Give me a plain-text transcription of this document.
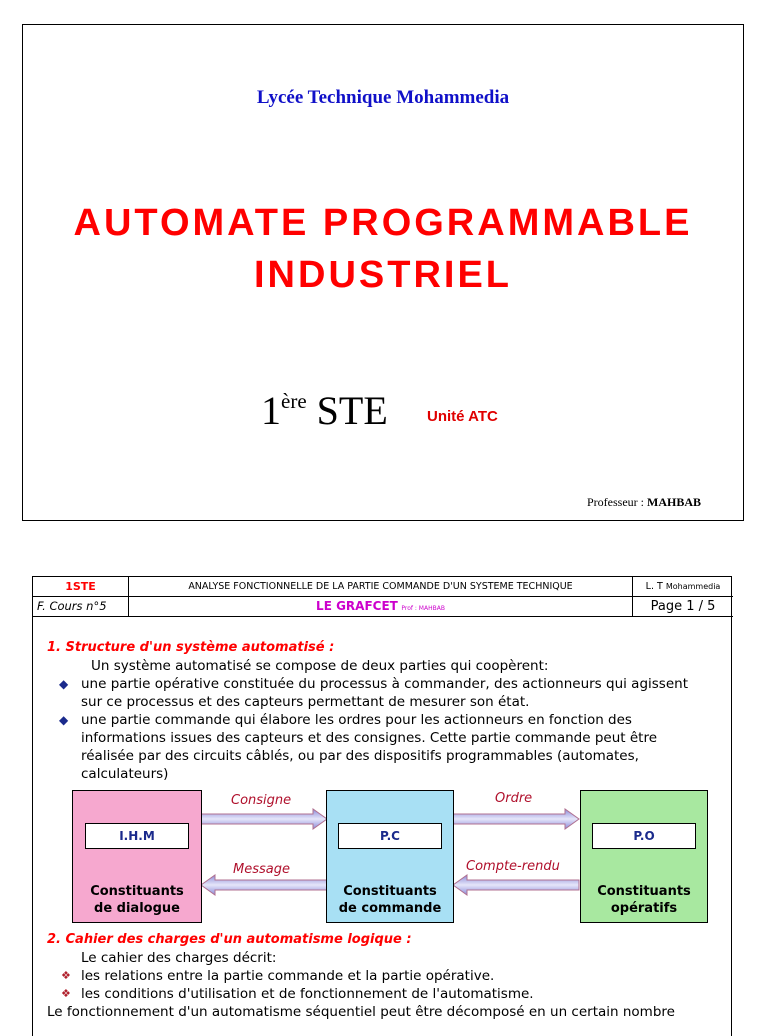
Lycée Technique Mohammedia
AUTOMATE PROGRAMMABLE
INDUSTRIEL
1ère STE	Unité ATC
Professeur : MAHBAB
1STE	ANALYSE FONCTIONNELLE DE LA PARTIE COMMANDE D'UN SYSTEME TECHNIQUE	L. T Mohammedia
F. Cours n°5	LE GRAFCET Prof : MAHBAB	Page 1 / 5
1. Structure d'un système automatisé :
Un système automatisé se compose de deux parties qui coopèrent:
◆ une partie opérative constituée du processus à commander, des actionneurs qui agissent
sur ce processus et des capteurs permettant de mesurer son état.
◆ une partie commande qui élabore les ordres pour les actionneurs en fonction des
informations issues des capteurs et des consignes. Cette partie commande peut être
réalisée par des circuits câblés, ou par des dispositifs programmables (automates,
calculateurs)
I.H.M
Constituants
de dialogue
P.C
Constituants
de commande
P.O
Constituants
opératifs
Consigne	Ordre
Message	Compte-rendu
2. Cahier des charges d'un automatisme logique :
Le cahier des charges décrit:
❖ les relations entre la partie commande et la partie opérative.
❖ les conditions d'utilisation et de fonctionnement de l'automatisme.
Le fonctionnement d'un automatisme séquentiel peut être décomposé en un certain nombre
